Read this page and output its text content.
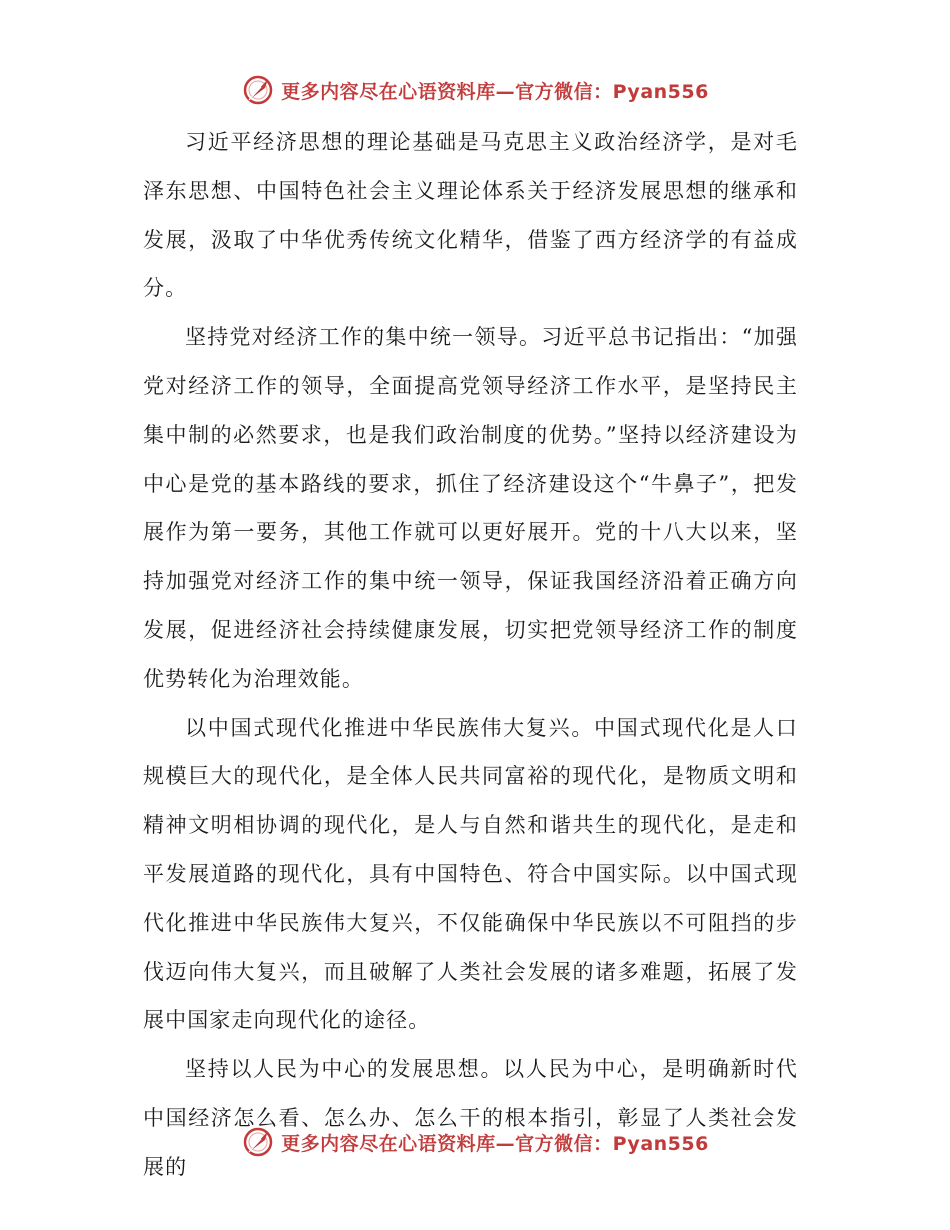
更多内容尽在心语资料库—官方微信：Pyan556

习近平经济思想的理论基础是马克思主义政治经济学，是对毛泽东思想、中国特色社会主义理论体系关于经济发展思想的继承和发展，汲取了中华优秀传统文化精华，借鉴了西方经济学的有益成分。

坚持党对经济工作的集中统一领导。习近平总书记指出：“加强党对经济工作的领导，全面提高党领导经济工作水平，是坚持民主集中制的必然要求，也是我们政治制度的优势。”坚持以经济建设为中心是党的基本路线的要求，抓住了经济建设这个“牛鼻子”，把发展作为第一要务，其他工作就可以更好展开。党的十八大以来，坚持加强党对经济工作的集中统一领导，保证我国经济沿着正确方向发展，促进经济社会持续健康发展，切实把党领导经济工作的制度优势转化为治理效能。

以中国式现代化推进中华民族伟大复兴。中国式现代化是人口规模巨大的现代化，是全体人民共同富裕的现代化，是物质文明和精神文明相协调的现代化，是人与自然和谐共生的现代化，是走和平发展道路的现代化，具有中国特色、符合中国实际。以中国式现代化推进中华民族伟大复兴，不仅能确保中华民族以不可阻挡的步伐迈向伟大复兴，而且破解了人类社会发展的诸多难题，拓展了发展中国家走向现代化的途径。

坚持以人民为中心的发展思想。以人民为中心，是明确新时代中国经济怎么看、怎么办、怎么干的根本指引，彰显了人类社会发展的

更多内容尽在心语资料库—官方微信：Pyan556
